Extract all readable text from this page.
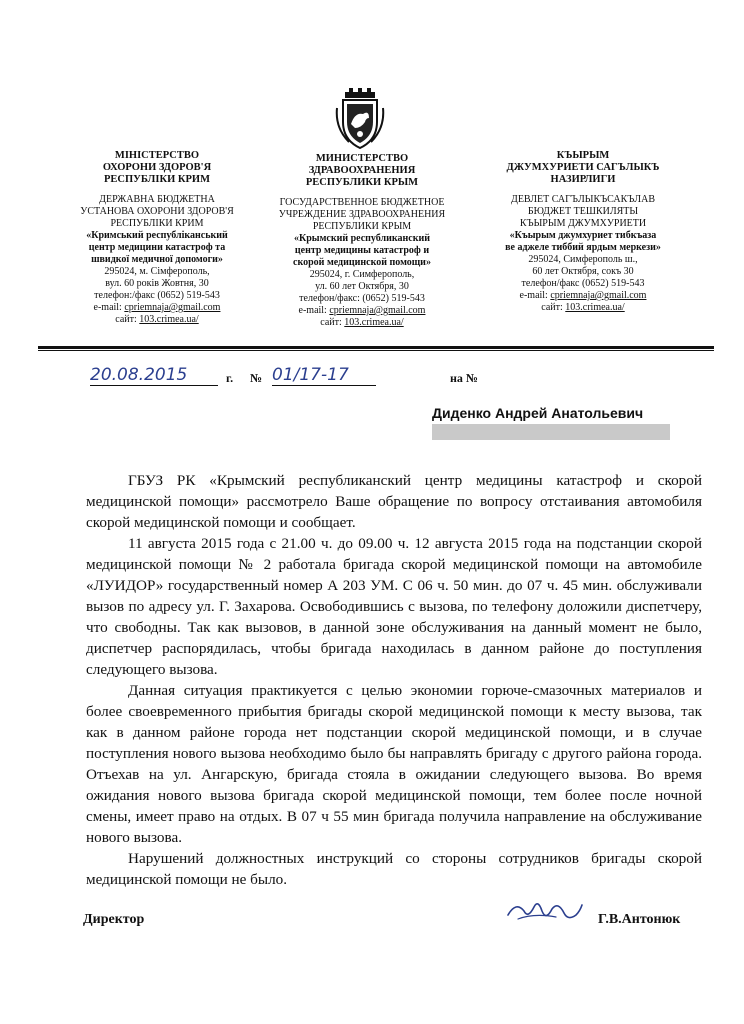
МІНІСТЕРСТВО
ОХОРОНИ ЗДОРОВ'Я
РЕСПУБЛІКИ КРИМ
ДЕРЖАВНА БЮДЖЕТНА
УСТАНОВА ОХОРОНИ ЗДОРОВ'Я
РЕСПУБЛІКИ КРИМ
«Кримський республіканський
центр медицини катастроф та
швидкої медичної допомоги»
295024, м. Сімферополь,
вул. 60 років Жовтня, 30
телефон:/факс (0652) 519-543
e-mail: cpriemnaja@gmail.com
сайт: 103.crimea.ua/
МИНИСТЕРСТВО
ЗДРАВООХРАНЕНИЯ
РЕСПУБЛИКИ КРЫМ
ГОСУДАРСТВЕННОЕ БЮДЖЕТНОЕ
УЧРЕЖДЕНИЕ ЗДРАВООХРАНЕНИЯ
РЕСПУБЛИКИ КРЫМ
«Крымский республиканский
центр медицины катастроф и
скорой медицинской помощи»
295024, г. Симферополь,
ул. 60 лет Октября, 30
телефон/факс: (0652) 519-543
e-mail: cpriemnaja@gmail.com
сайт: 103.crimea.ua/
КЪЫРЫМ
ДЖУМХУРИЕТИ САГЪЛЫКЪ
НАЗИРЛИГИ
ДЕВЛЕТ САГЪЛЫКЪСАКЪЛАВ
БЮДЖЕТ ТЕШКИЛЯТЫ
КЪЫРЫМ ДЖУМХУРИЕТИ
«Къырым джумхуриет тибкъаза
ве аджеле тиббий ярдым меркези»
295024, Симферополь ш.,
60 лет Октября, сокъ 30
телефон/факс (0652) 519-543
e-mail: cpriemnaja@gmail.com
сайт: 103.crimea.ua/
20.08.2015	г. № 01/17-17	на №
Диденко Андрей Анатольевич

ГБУЗ РК «Крымский республиканский центр медицины катастроф и скорой медицинской помощи» рассмотрело Ваше обращение по вопросу отстаивания автомобиля скорой медицинской помощи и сообщает.

11 августа 2015 года с 21.00 ч. до 09.00 ч. 12 августа 2015 года на подстанции скорой медицинской помощи № 2 работала бригада скорой медицинской помощи на автомобиле «ЛУИДОР» государственный номер А 203 УМ. С 06 ч. 50 мин. до 07 ч. 45 мин. обслуживали вызов по адресу ул. Г. Захарова. Освободившись с вызова, по телефону доложили диспетчеру, что свободны. Так как вызовов, в данной зоне обслуживания на данный момент не было, диспетчер распорядилась, чтобы бригада находилась в данном районе до поступления следующего вызова.

Данная ситуация практикуется с целью экономии горюче-смазочных материалов и более своевременного прибытия бригады скорой медицинской помощи к месту вызова, так как в данном районе города нет подстанции скорой медицинской помощи, и в случае поступления нового вызова необходимо было бы направлять бригаду с другого района города. Отъехав на ул. Ангарскую, бригада стояла в ожидании следующего вызова. Во время ожидания нового вызова бригада скорой медицинской помощи, тем более после ночной смены, имеет право на отдых. В 07 ч 55 мин бригада получила направление на обслуживание нового вызова.

Нарушений должностных инструкций со стороны сотрудников бригады скорой медицинской помощи не было.

Директор	Г.В.Антонюк
